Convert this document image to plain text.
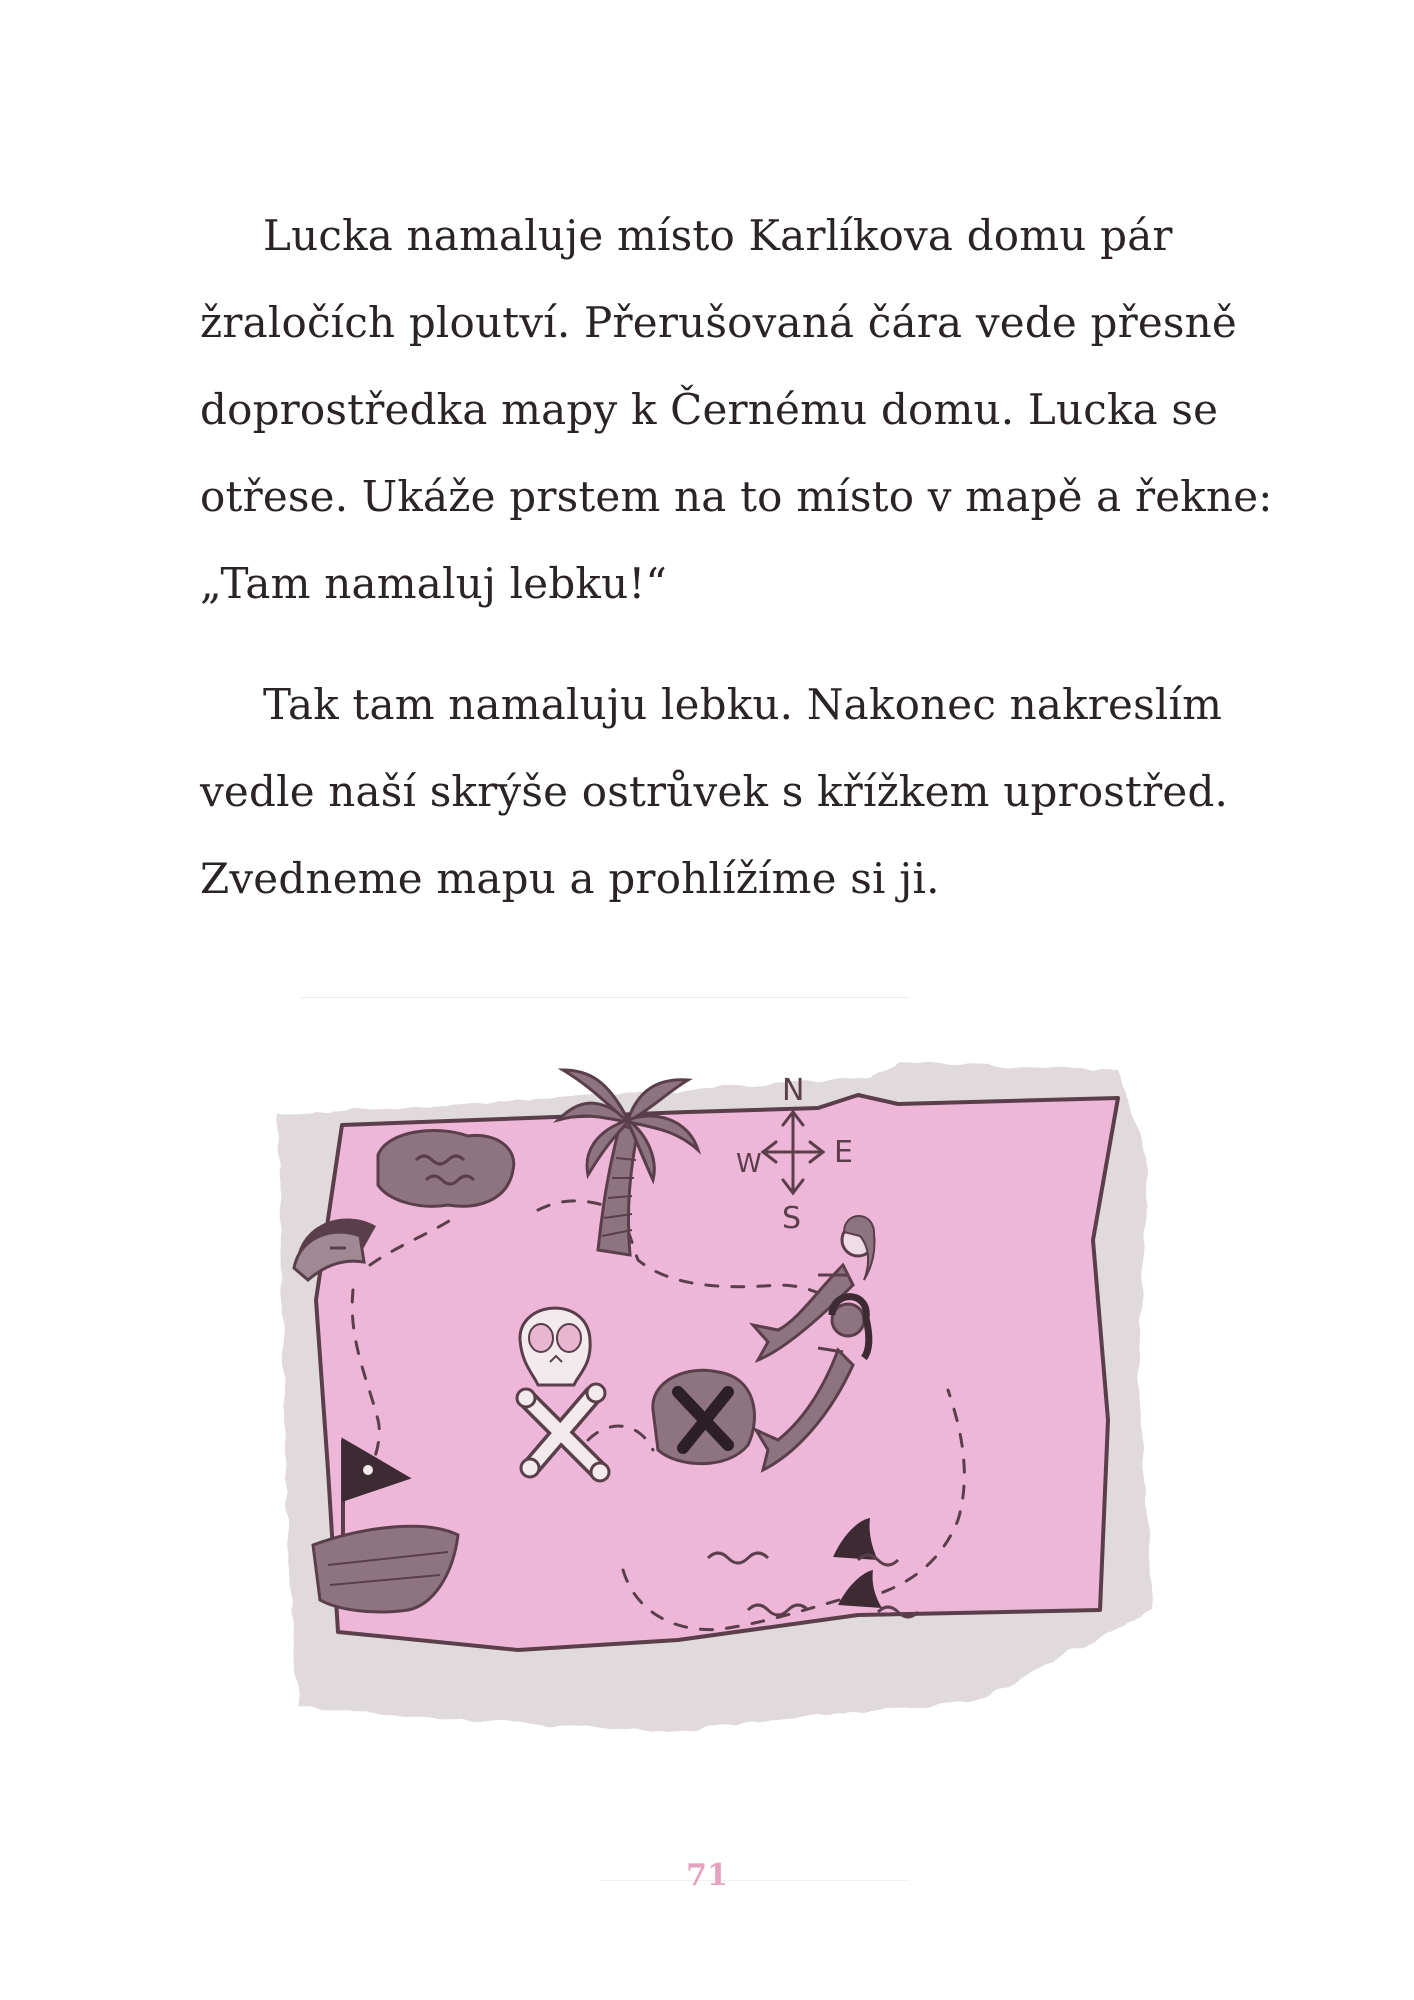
Lucka namaluje místo Karlíkova domu pár
žraločích ploutví. Přerušovaná čára vede přesně
doprostředka mapy k Černému domu. Lucka se
otřese. Ukáže prstem na to místo v mapě a řekne:
„Tam namaluj lebku!“

Tak tam namaluju lebku. Nakonec nakreslím
vedle naší skrýše ostrůvek s křížkem uprostřed.
Zvedneme mapu a prohlížíme si ji.

N
S
E
W
71
